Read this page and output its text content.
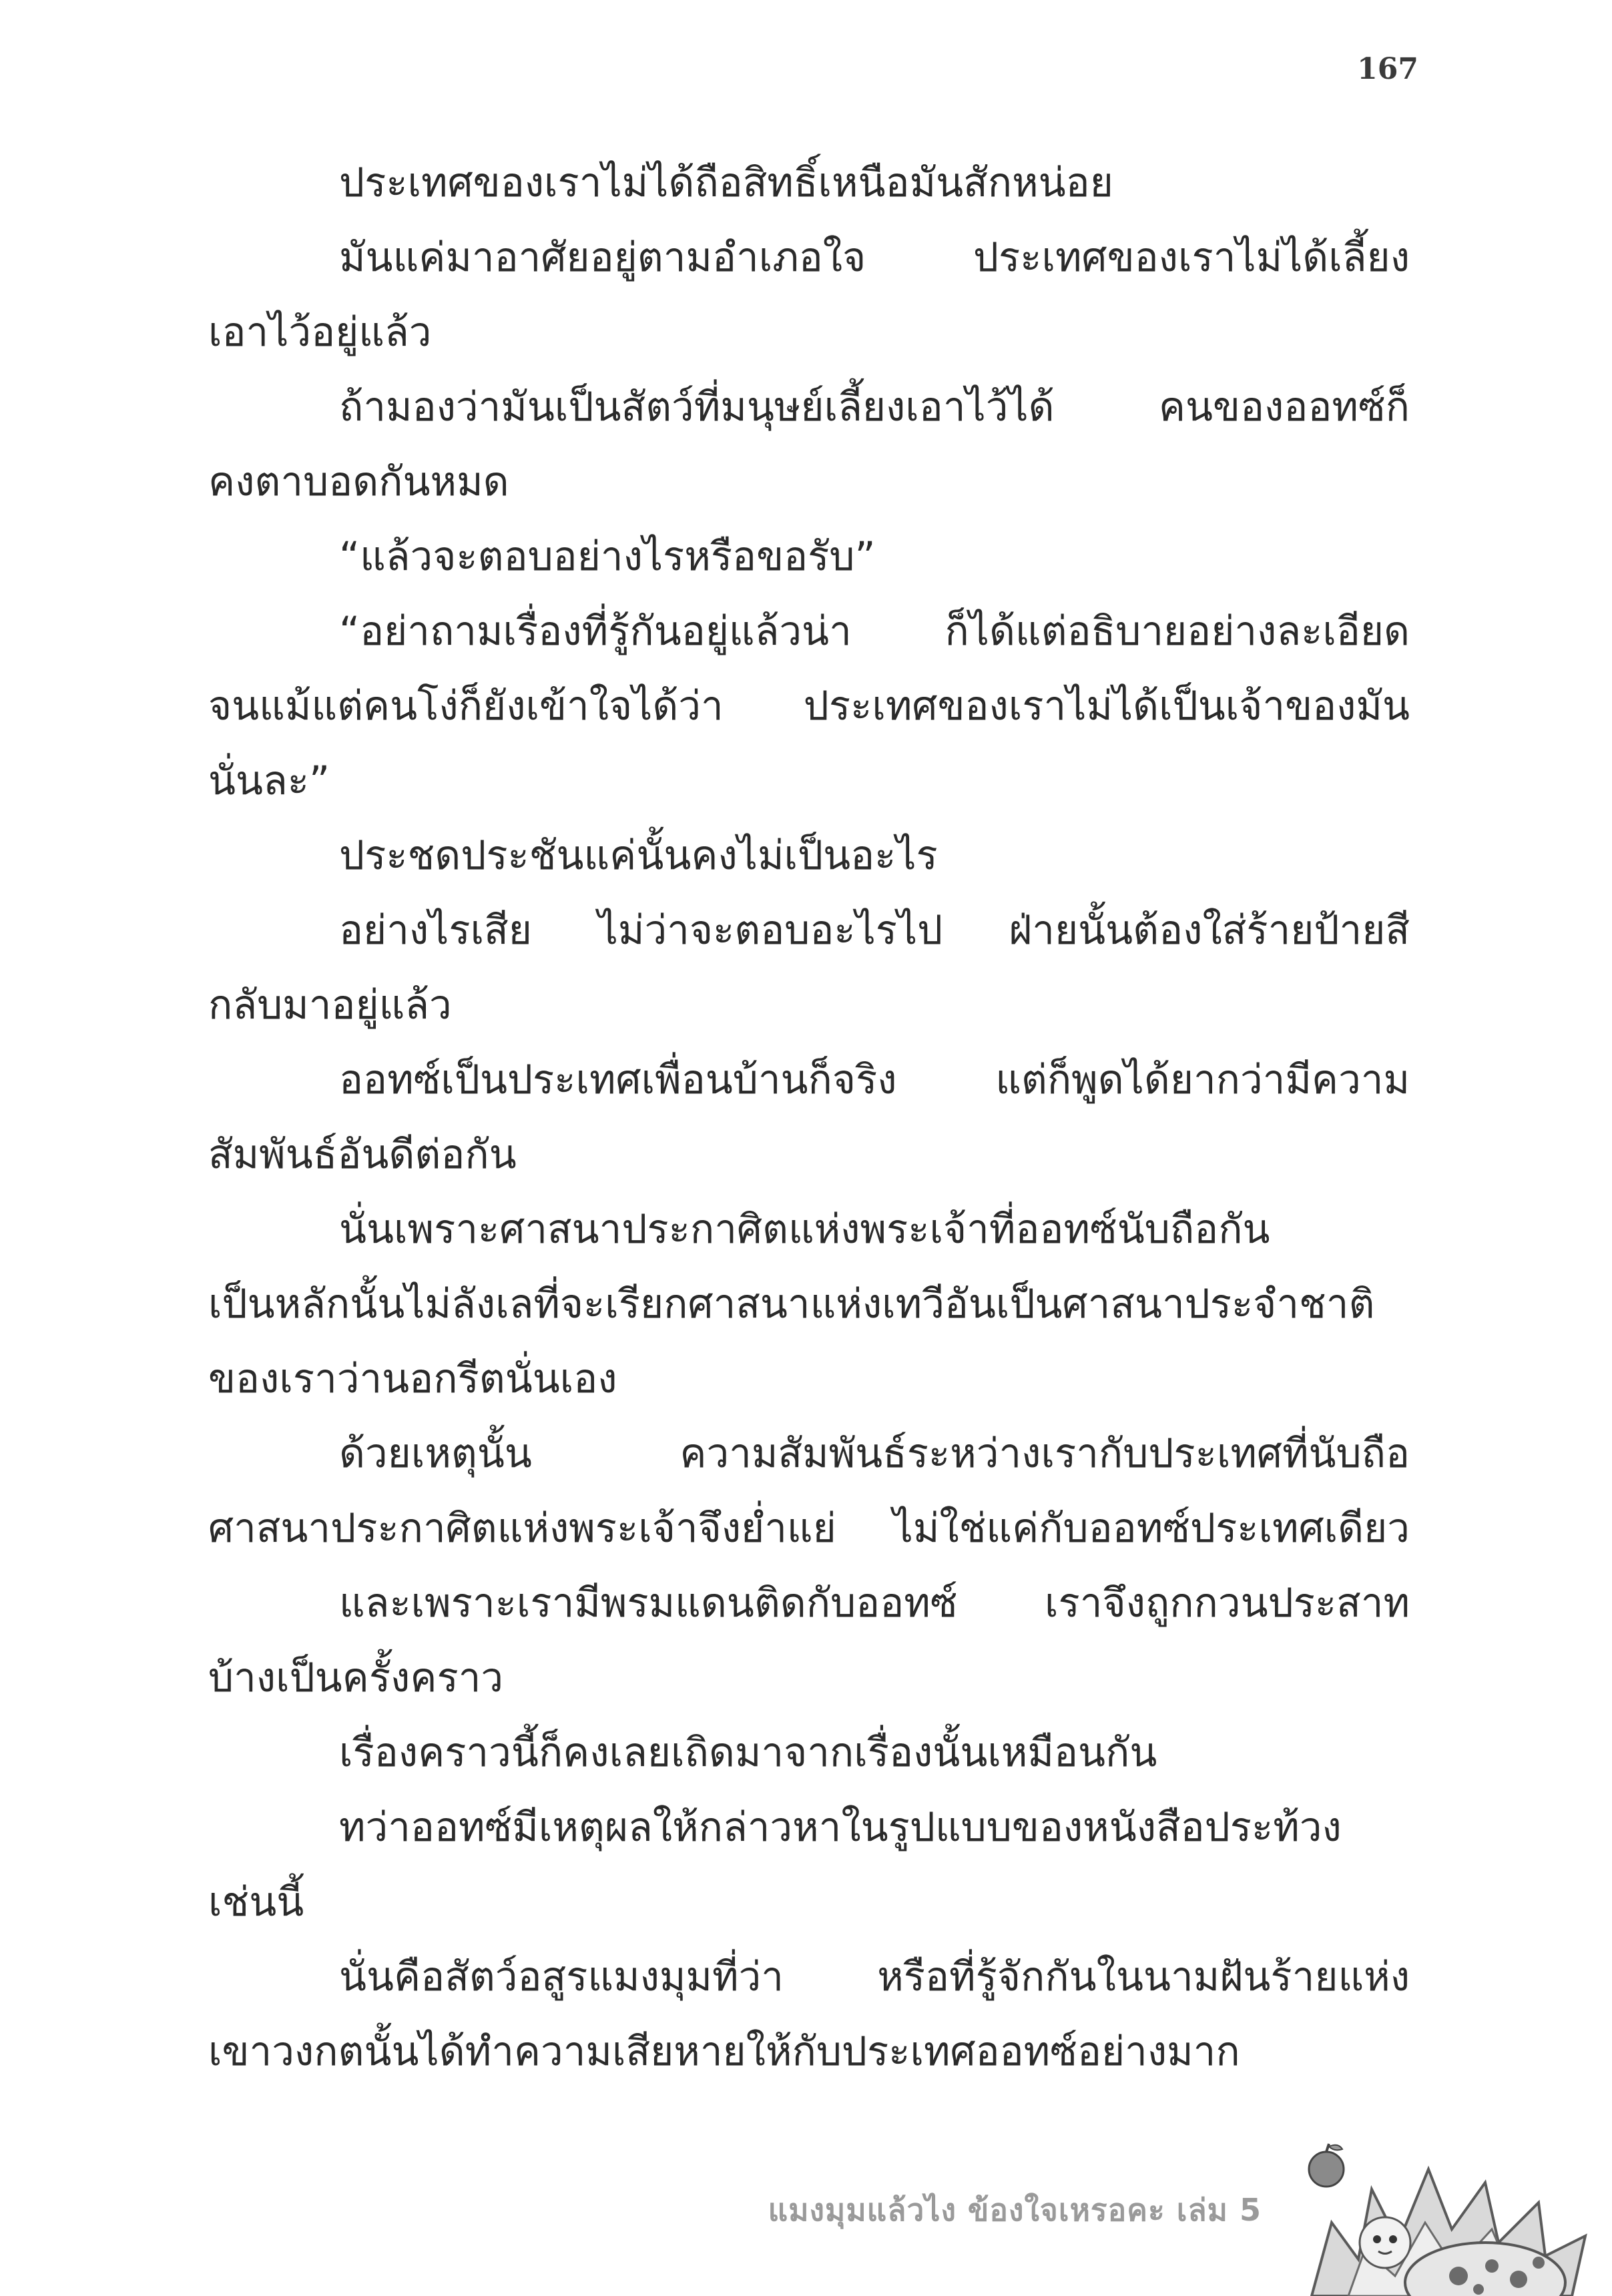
167
ประเทศของเราไม่ได้ถือสิทธิ์เหนือมันสักหน่อย
มันแค่มาอาศัยอยู่ตามอำเภอใจ ประเทศของเราไม่ได้เลี้ยง
เอาไว้อยู่แล้ว
ถ้ามองว่ามันเป็นสัตว์ที่มนุษย์เลี้ยงเอาไว้ได้ คนของออทซ์ก็
คงตาบอดกันหมด
“แล้วจะตอบอย่างไรหรือขอรับ”
“อย่าถามเรื่องที่รู้กันอยู่แล้วน่า ก็ได้แต่อธิบายอย่างละเอียด
จนแม้แต่คนโง่ก็ยังเข้าใจได้ว่า ประเทศของเราไม่ได้เป็นเจ้าของมัน
นั่นละ”
ประชดประชันแค่นั้นคงไม่เป็นอะไร
อย่างไรเสีย ไม่ว่าจะตอบอะไรไป ฝ่ายนั้นต้องใส่ร้ายป้ายสี
กลับมาอยู่แล้ว
ออทซ์เป็นประเทศเพื่อนบ้านก็จริง แต่ก็พูดได้ยากว่ามีความ
สัมพันธ์อันดีต่อกัน
นั่นเพราะศาสนาประกาศิตแห่งพระเจ้าที่ออทซ์นับถือกัน
เป็นหลักนั้นไม่ลังเลที่จะเรียกศาสนาแห่งเทวีอันเป็นศาสนาประจำชาติ
ของเราว่านอกรีตนั่นเอง
ด้วยเหตุนั้น ความสัมพันธ์ระหว่างเรากับประเทศที่นับถือ
ศาสนาประกาศิตแห่งพระเจ้าจึงย่ำแย่ ไม่ใช่แค่กับออทซ์ประเทศเดียว
และเพราะเรามีพรมแดนติดกับออทซ์ เราจึงถูกกวนประสาท
บ้างเป็นครั้งคราว
เรื่องคราวนี้ก็คงเลยเถิดมาจากเรื่องนั้นเหมือนกัน
ทว่าออทซ์มีเหตุผลให้กล่าวหาในรูปแบบของหนังสือประท้วง
เช่นนี้
นั่นคือสัตว์อสูรแมงมุมที่ว่า หรือที่รู้จักกันในนามฝันร้ายแห่ง
เขาวงกตนั้นได้ทำความเสียหายให้กับประเทศออทซ์อย่างมาก
แมงมุมแล้วไง ข้องใจเหรอคะ เล่ม 5
